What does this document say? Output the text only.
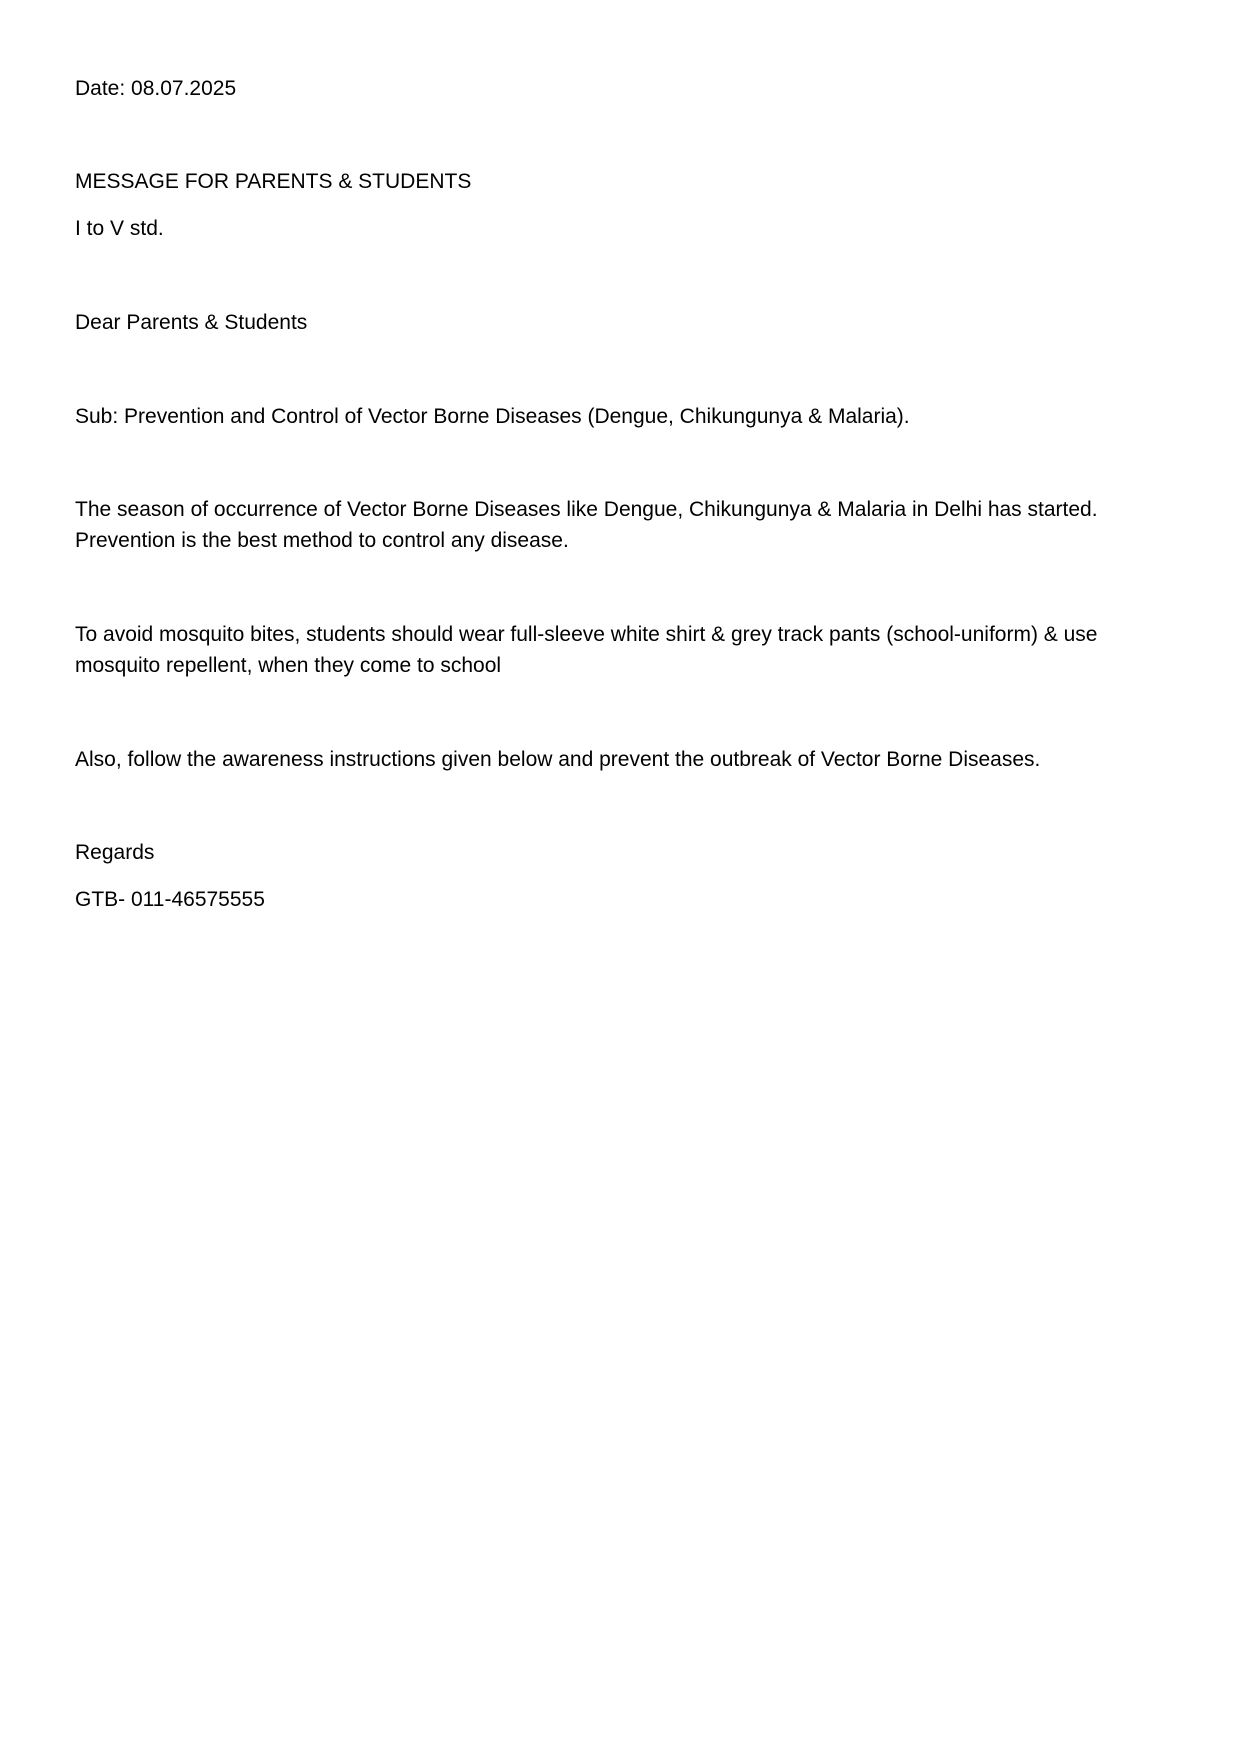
Date: 08.07.2025
MESSAGE FOR PARENTS & STUDENTS
I to V std.
Dear Parents & Students
Sub: Prevention and Control of Vector Borne Diseases (Dengue, Chikungunya & Malaria).
The season of occurrence of Vector Borne Diseases like Dengue, Chikungunya & Malaria in Delhi has started.
Prevention is the best method to control any disease.
To avoid mosquito bites, students should wear full-sleeve white shirt & grey track pants (school-uniform) & use
mosquito repellent, when they come to school
Also, follow the awareness instructions given below and prevent the outbreak of Vector Borne Diseases.
Regards
GTB- 011-46575555
